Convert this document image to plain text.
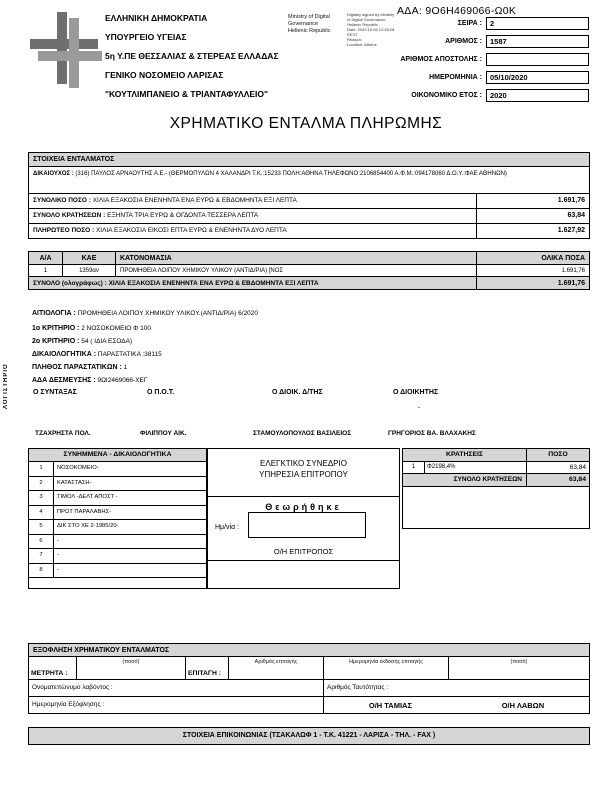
ΕΛΛΗΝΙΚΗ ΔΗΜΟΚΡΑΤΙΑ
ΥΠΟΥΡΓΕΙΟ ΥΓΕΙΑΣ
5η Υ.ΠΕ ΘΕΣΣΑΛΙΑΣ & ΣΤΕΡΕΑΣ ΕΛΛΑΔΑΣ
ΓΕΝΙΚΟ ΝΟΣΟΜΕΙΟ ΛΑΡΙΣΑΣ
"ΚΟΥΤΛΙΜΠΑΝΕΙΟ & ΤΡΙΑΝΤΑΦΥΛΛΕΙΟ"
Ministry of Digital
Governance
Hellenic Republic
Digitally signed by Ministry
of Digital Governance,
Hellenic Republic
Date: 2020.10.06 12:45:28
EEST
Reason:
Location: Athens
ΑΔΑ: 9Ο6Η469066-Ω0Κ
ΣΕΙΡΑ :	2
ΑΡΙΘΜΟΣ :	1587
ΑΡΙΘΜΟΣ ΑΠΟΣΤΟΛΗΣ :
ΗΜΕΡΟΜΗΝΙΑ :	05/10/2020
ΟΙΚΟΝΟΜΙΚΟ ΕΤΟΣ :	2020
ΧΡΗΜΑΤΙΚΟ ΕΝΤΑΛΜΑ ΠΛΗΡΩΜΗΣ
ΣΤΟΙΧΕΙΑ ΕΝΤΑΛΜΑΤΟΣ
ΔΙΚΑΙΟΥΧΟΣ : (316) ΠΑΥΛΟΣ ΑΡΝΑΟΥΤΗΣ Α.Ε.- (ΘΕΡΜΟΠΥΛΩΝ 4 ΧΑΛΑΝΔΡΙ Τ.Κ.:15233 ΠΟΛΗ:ΑΘΗΝΑ ΤΗΛΕΦΩΝΟ:2106854400 Α.Φ.Μ.:094178060 Δ.Ο.Υ.:ΦΑΕ ΑΘΗΝΩΝ)
ΣΥΝΟΛΙΚΟ ΠΟΣΟ : ΧΙΛΙΑ ΕΞΑΚΟΣΙΑ ΕΝΕΝΗΝΤΑ ΕΝΑ ΕΥΡΩ & ΕΒΔΟΜΗΝΤΑ ΕΞΙ ΛΕΠΤΑ	1.691,76
ΣΥΝΟΛΟ ΚΡΑΤΗΣΕΩΝ : ΕΞΗΝΤΑ ΤΡΙΑ ΕΥΡΩ & ΟΓΔΟΝΤΑ ΤΕΣΣΕΡΑ ΛΕΠΤΑ	63,84
ΠΛΗΡΩΤΕΟ ΠΟΣΟ : ΧΙΛΙΑ ΕΞΑΚΟΣΙΑ ΕΙΚΟΣΙ ΕΠΤΑ ΕΥΡΩ & ΕΝΕΝΗΝΤΑ ΔΥΟ ΛΕΠΤΑ	1.627,92
Α/Α	ΚΑΕ	ΚΑΤΟΝΟΜΑΣΙΑ	ΟΛΙΚΑ ΠΟΣΑ
1	1359αν	ΠΡΟΜΗΘΕΙΑ ΛΟΙΠΟΥ ΧΗΜΙΚΟΥ ΥΛΙΚΟΥ (ΑΝΤΙΔ/ΡΙΑ) [ΝΟΣ	1.691,76
ΣΥΝΟΛΟ (ολογράφως) : ΧΙΛΙΑ ΕΞΑΚΟΣΙΑ ΕΝΕΝΗΝΤΑ ΕΝΑ ΕΥΡΩ & ΕΒΔΟΜΗΝΤΑ ΕΞΙ ΛΕΠΤΑ	1.691,76
ΑΙΤΙΟΛΟΓΙΑ : ΠΡΟΜΗΘΕΙΑ ΛΟΙΠΟΥ ΧΗΜΙΚΟΥ ΥΛΙΚΟΥ.(ΑΝΤΙΔ/ΡΙΑ) 6/2020
1ο ΚΡΙΤΗΡΙΟ : 2 ΝΟΣΟΚΟΜΕΙΟ Φ 100
2ο ΚΡΙΤΗΡΙΟ : 54 ( ΙΔΙΑ ΕΣΟΔΑ)
ΔΙΚΑΙΟΛΟΓΗΤΙΚΑ : ΠΑΡΑΣΤΑΤΙΚΑ :38115
ΠΛΗΘΟΣ ΠΑΡΑΣΤΑΤΙΚΩΝ : 1
ΑΔΑ ΔΕΣΜΕΥΣΗΣ : 9ΩΙ2469066-ΧΕΓ
Ο ΣΥΝΤΑΞΑΣ	Ο Π.Ο.Τ.	Ο ΔΙΟΙΚ. Δ/ΤΗΣ	Ο ΔΙΟΙΚΗΤΗΣ
.
ΛΟΓΙΣΤΗΡΙΟ
ΤΖΑΧΡΗΣΤΑ ΠΟΛ.	ΦΙΛΙΠΠΟΥ ΑΙΚ.	ΣΤΑΜΟΥΛΟΠΟΥΛΟΣ ΒΑΣΙΛΕΙΟΣ	ΓΡΗΓΟΡΙΟΣ ΒΑ. ΒΛΑΧΑΚΗΣ
ΣΥΝΗΜΜΕΝΑ - ΔΙΚΑΙΟΛΟΓΗΤΙΚΑ
1	ΝΟΣΟΚΟΜΕΙΟ-
2	ΚΑΤΑΣΤΑΣΗ-
3	ΤΙΜΟΛ -ΔΕΛΤ ΑΠΟΣΤ -
4	ΠΡΩΤ ΠΑΡΑΛΑΒΗΣ-
5	ΔΙΚ ΣΤΟ ΧΕ 2-1985/20-
6	-
7	-
8	-
ΕΛΕΓΚΤΙΚΟ ΣΥΝΕΔΡΙΟ
ΥΠΗΡΕΣΙΑ ΕΠΙΤΡΟΠΟΥ
Θεωρήθηκε
Ημ/νία :
Ο/Η ΕΠΙΤΡΟΠΟΣ
ΚΡΑΤΗΣΕΙΣ	ΠΟΣΟ
1	Φ2198,4%	63,84
ΣΥΝΟΛΟ ΚΡΑΤΗΣΕΩΝ	63,84
ΕΞΟΦΛΗΣΗ ΧΡΗΜΑΤΙΚΟΥ ΕΝΤΑΛΜΑΤΟΣ
ΜΕΤΡΗΤΑ :
(ποσό)
ΕΠΙΤΑΓΗ :
Αριθμός επιταγής	Ημερομηνία έκδοσης επιταγής	(ποσό)
Ονοματεπώνυμο λαβόντος :	Αριθμός Ταυτότητας :
Ημερομηνία Εξόφλησης :	Ο/Η ΤΑΜΙΑΣ	Ο/Η ΛΑΒΩΝ
ΣΤΟΙΧΕΙΑ ΕΠΙΚΟΙΝΩΝΙΑΣ (ΤΣΑΚΑΛΩΦ 1 - Τ.Κ. 41221 - ΛΑΡΙΣΑ - ΤΗΛ. - FAX )
